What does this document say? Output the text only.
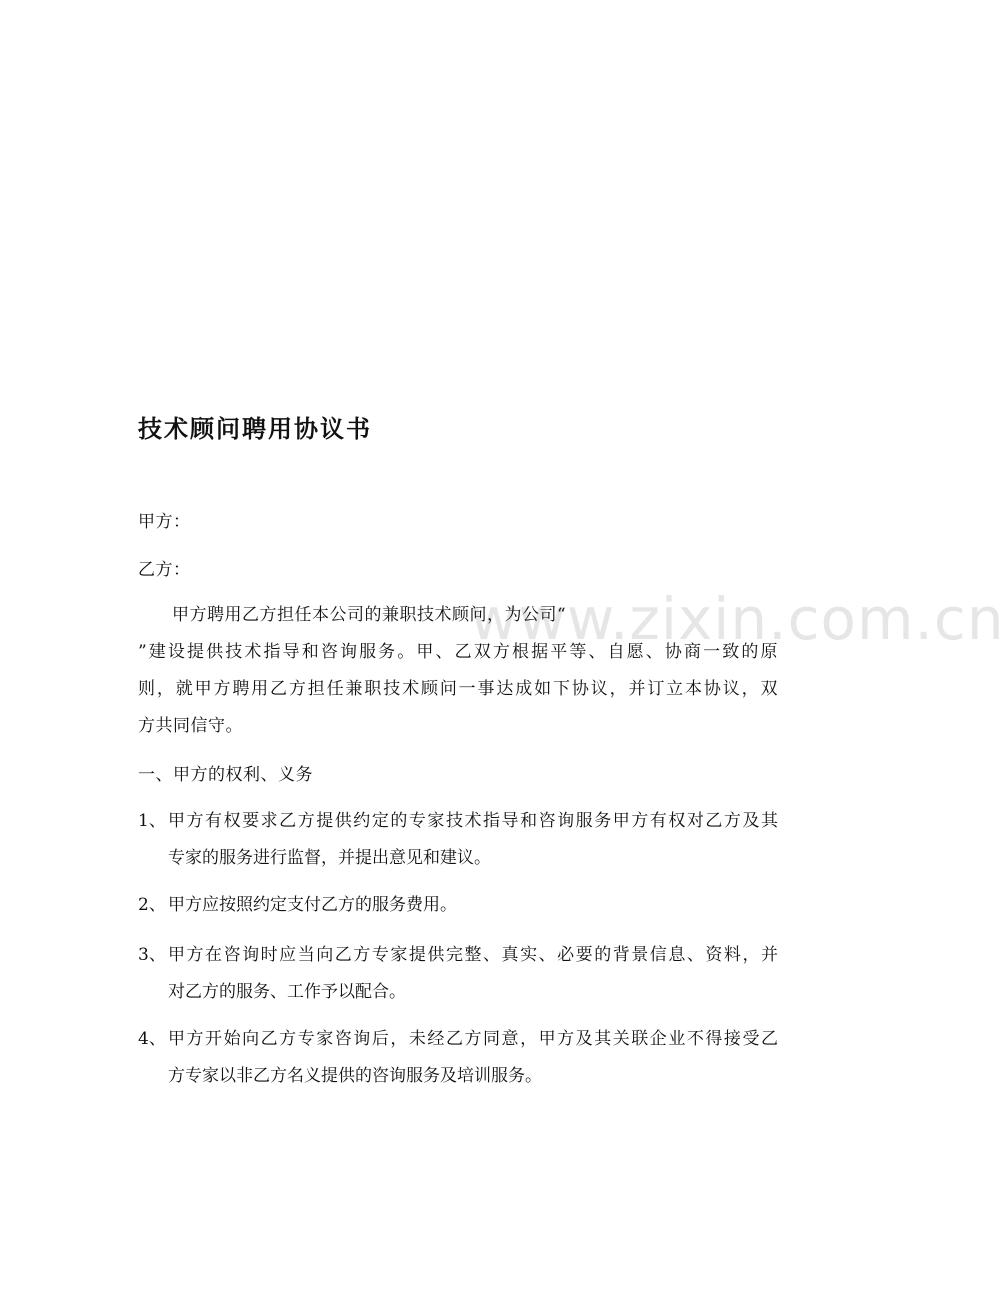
www.zixin.com.cn
技术顾问聘用协议书

甲方：

乙方：

甲方聘用乙方担任本公司的兼职技术顾问，为公司“

”建设提供技术指导和咨询服务。甲、乙双方根据平等、自愿、协商一致的原

则，就甲方聘用乙方担任兼职技术顾问一事达成如下协议，并订立本协议，双

方共同信守。

一、甲方的权利、义务

1、 甲方有权要求乙方提供约定的专家技术指导和咨询服务甲方有权对乙方及其
专家的服务进行监督，并提出意见和建议。
2、 甲方应按照约定支付乙方的服务费用。
3、 甲方在咨询时应当向乙方专家提供完整、真实、必要的背景信息、资料，并
对乙方的服务、工作予以配合。
4、 甲方开始向乙方专家咨询后，未经乙方同意，甲方及其关联企业不得接受乙
方专家以非乙方名义提供的咨询服务及培训服务。
